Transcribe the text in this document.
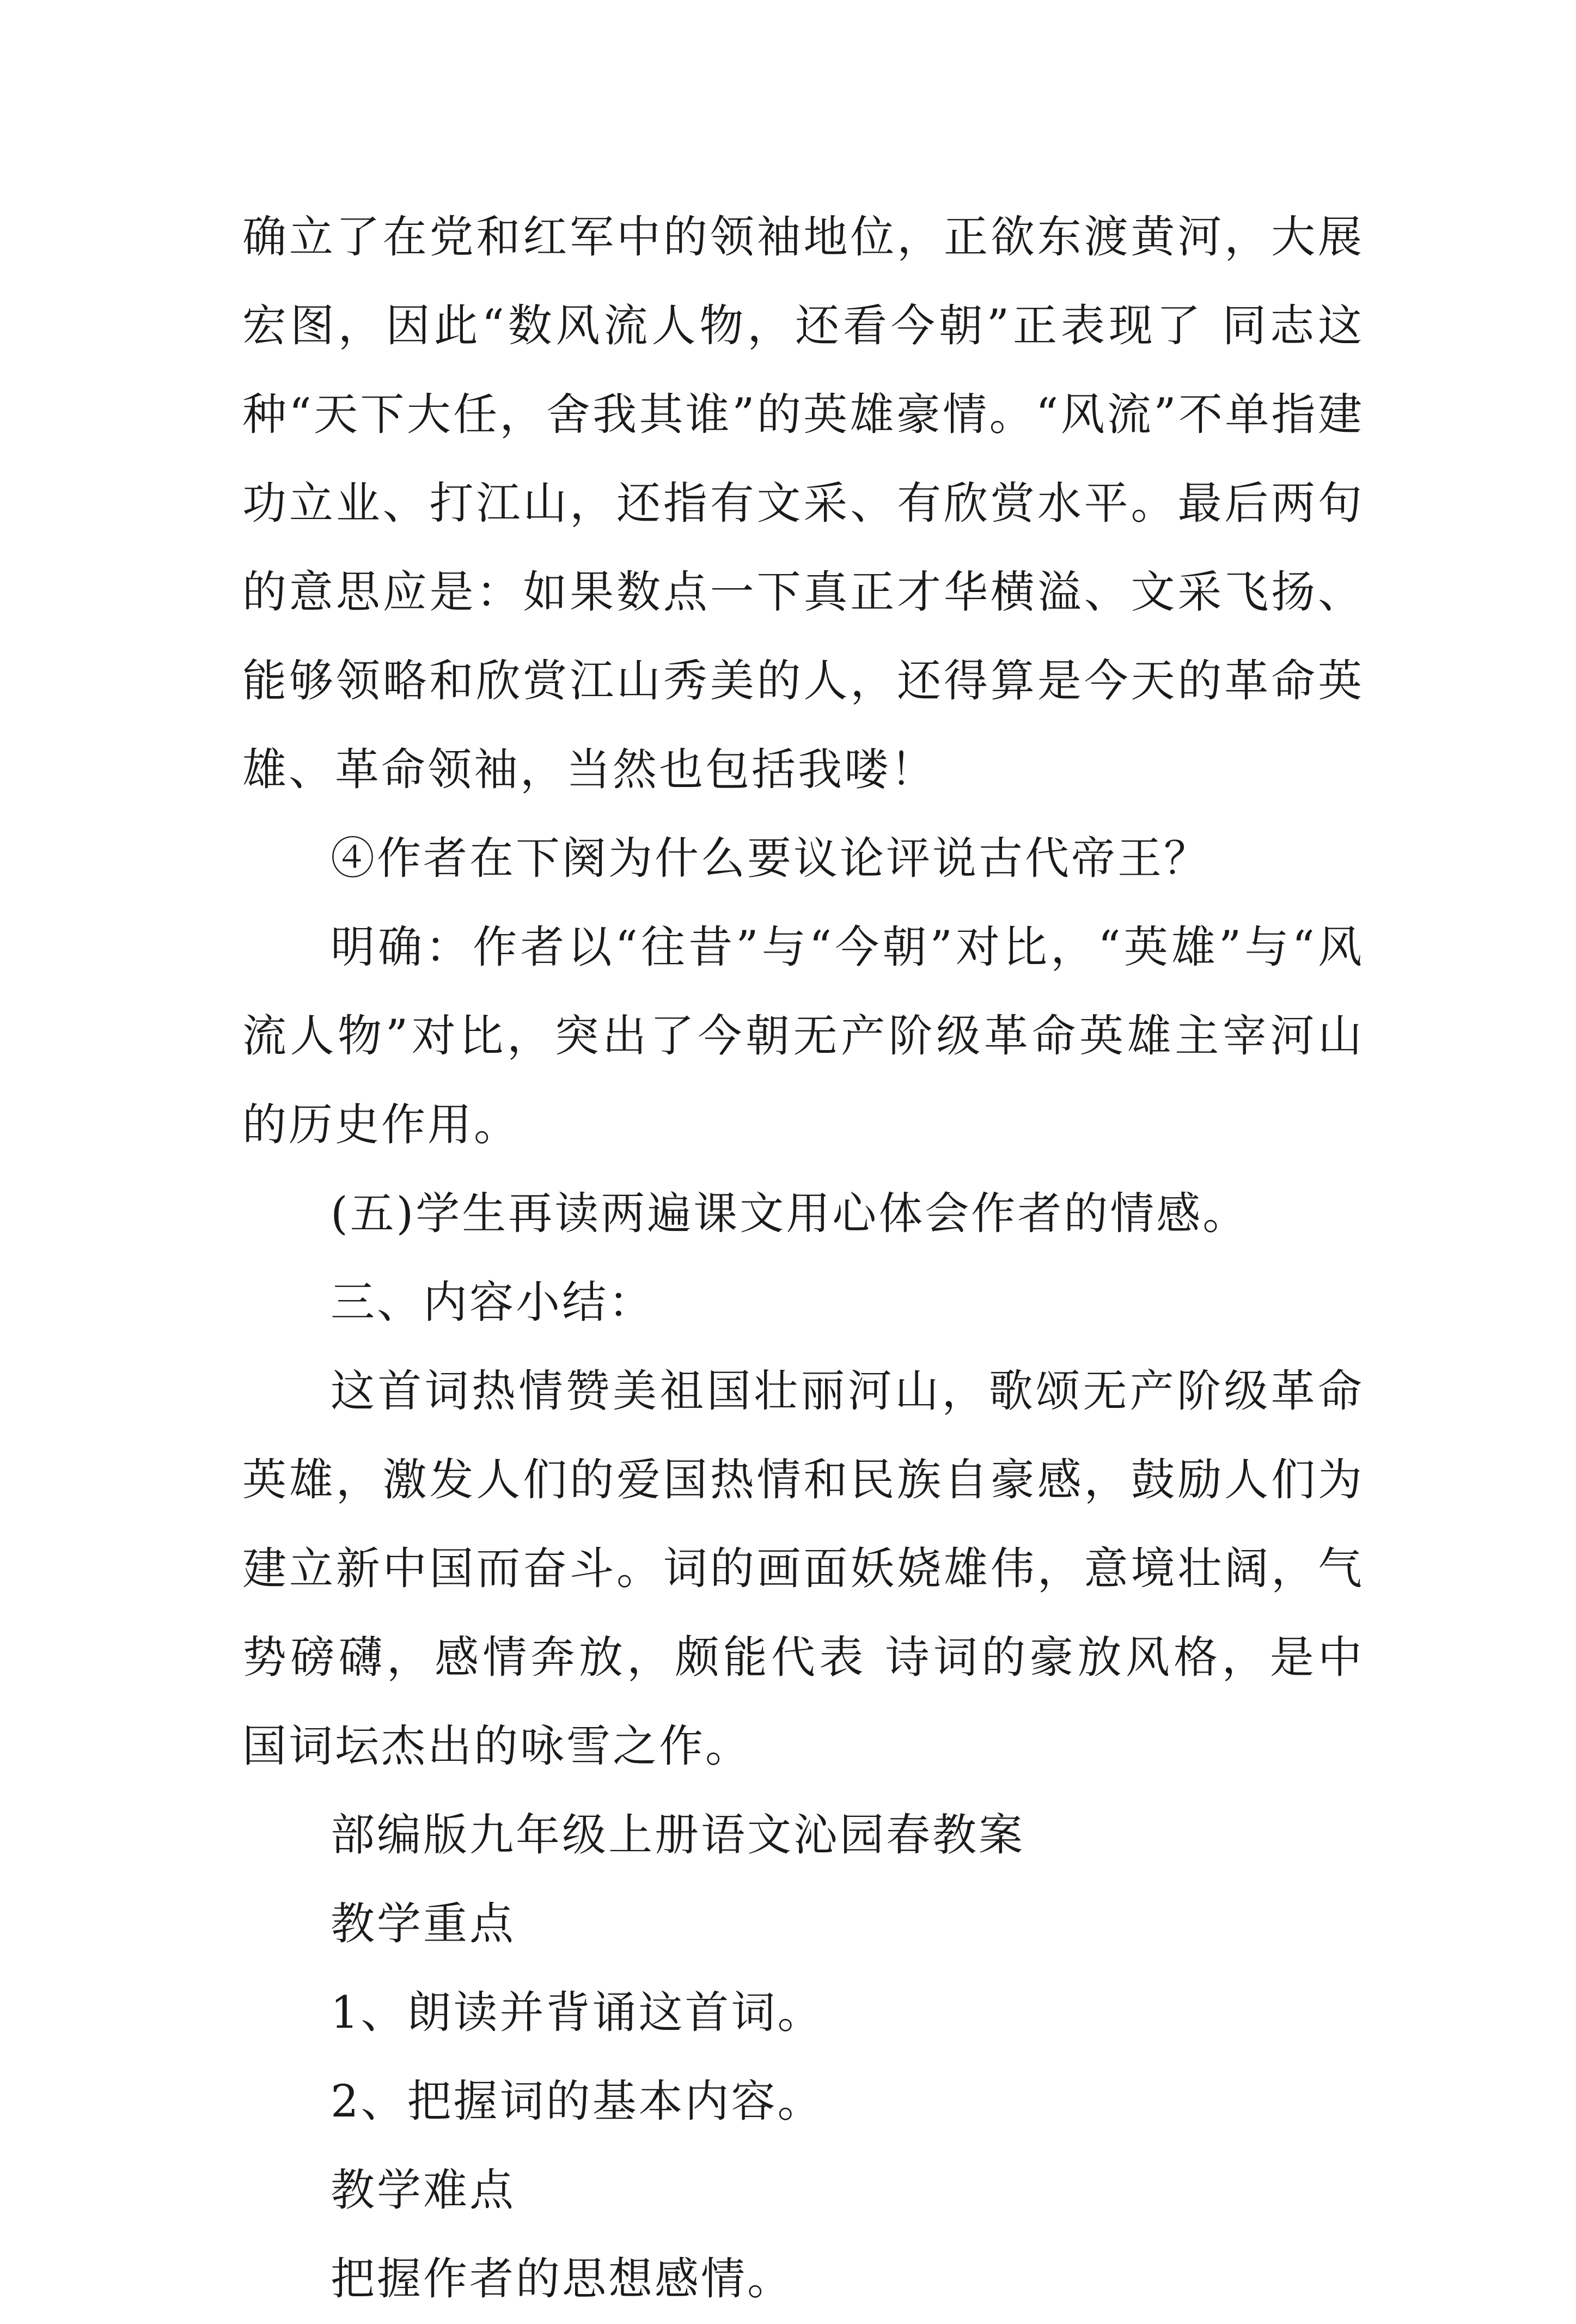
确立了在党和红军中的领袖地位，正欲东渡黄河，大展宏图，因此“数风流人物，还看今朝”正表现了 同志这种“天下大任，舍我其谁”的英雄豪情。“风流”不单指建功立业、打江山，还指有文采、有欣赏水平。最后两句的意思应是：如果数点一下真正才华横溢、文采飞扬、能够领略和欣赏江山秀美的人，还得算是今天的革命英雄、革命领袖，当然也包括我喽！

④作者在下阕为什么要议论评说古代帝王？

明确：作者以“往昔”与“今朝”对比，“英雄”与“风流人物”对比，突出了今朝无产阶级革命英雄主宰河山的历史作用。

(五)学生再读两遍课文用心体会作者的情感。

三、内容小结：

这首词热情赞美祖国壮丽河山，歌颂无产阶级革命英雄，激发人们的爱国热情和民族自豪感，鼓励人们为建立新中国而奋斗。词的画面妖娆雄伟，意境壮阔，气势磅礴，感情奔放，颇能代表 诗词的豪放风格，是中国词坛杰出的咏雪之作。

部编版九年级上册语文沁园春教案

教学重点

1、朗读并背诵这首词。

2、把握词的基本内容。

教学难点

把握作者的思想感情。
